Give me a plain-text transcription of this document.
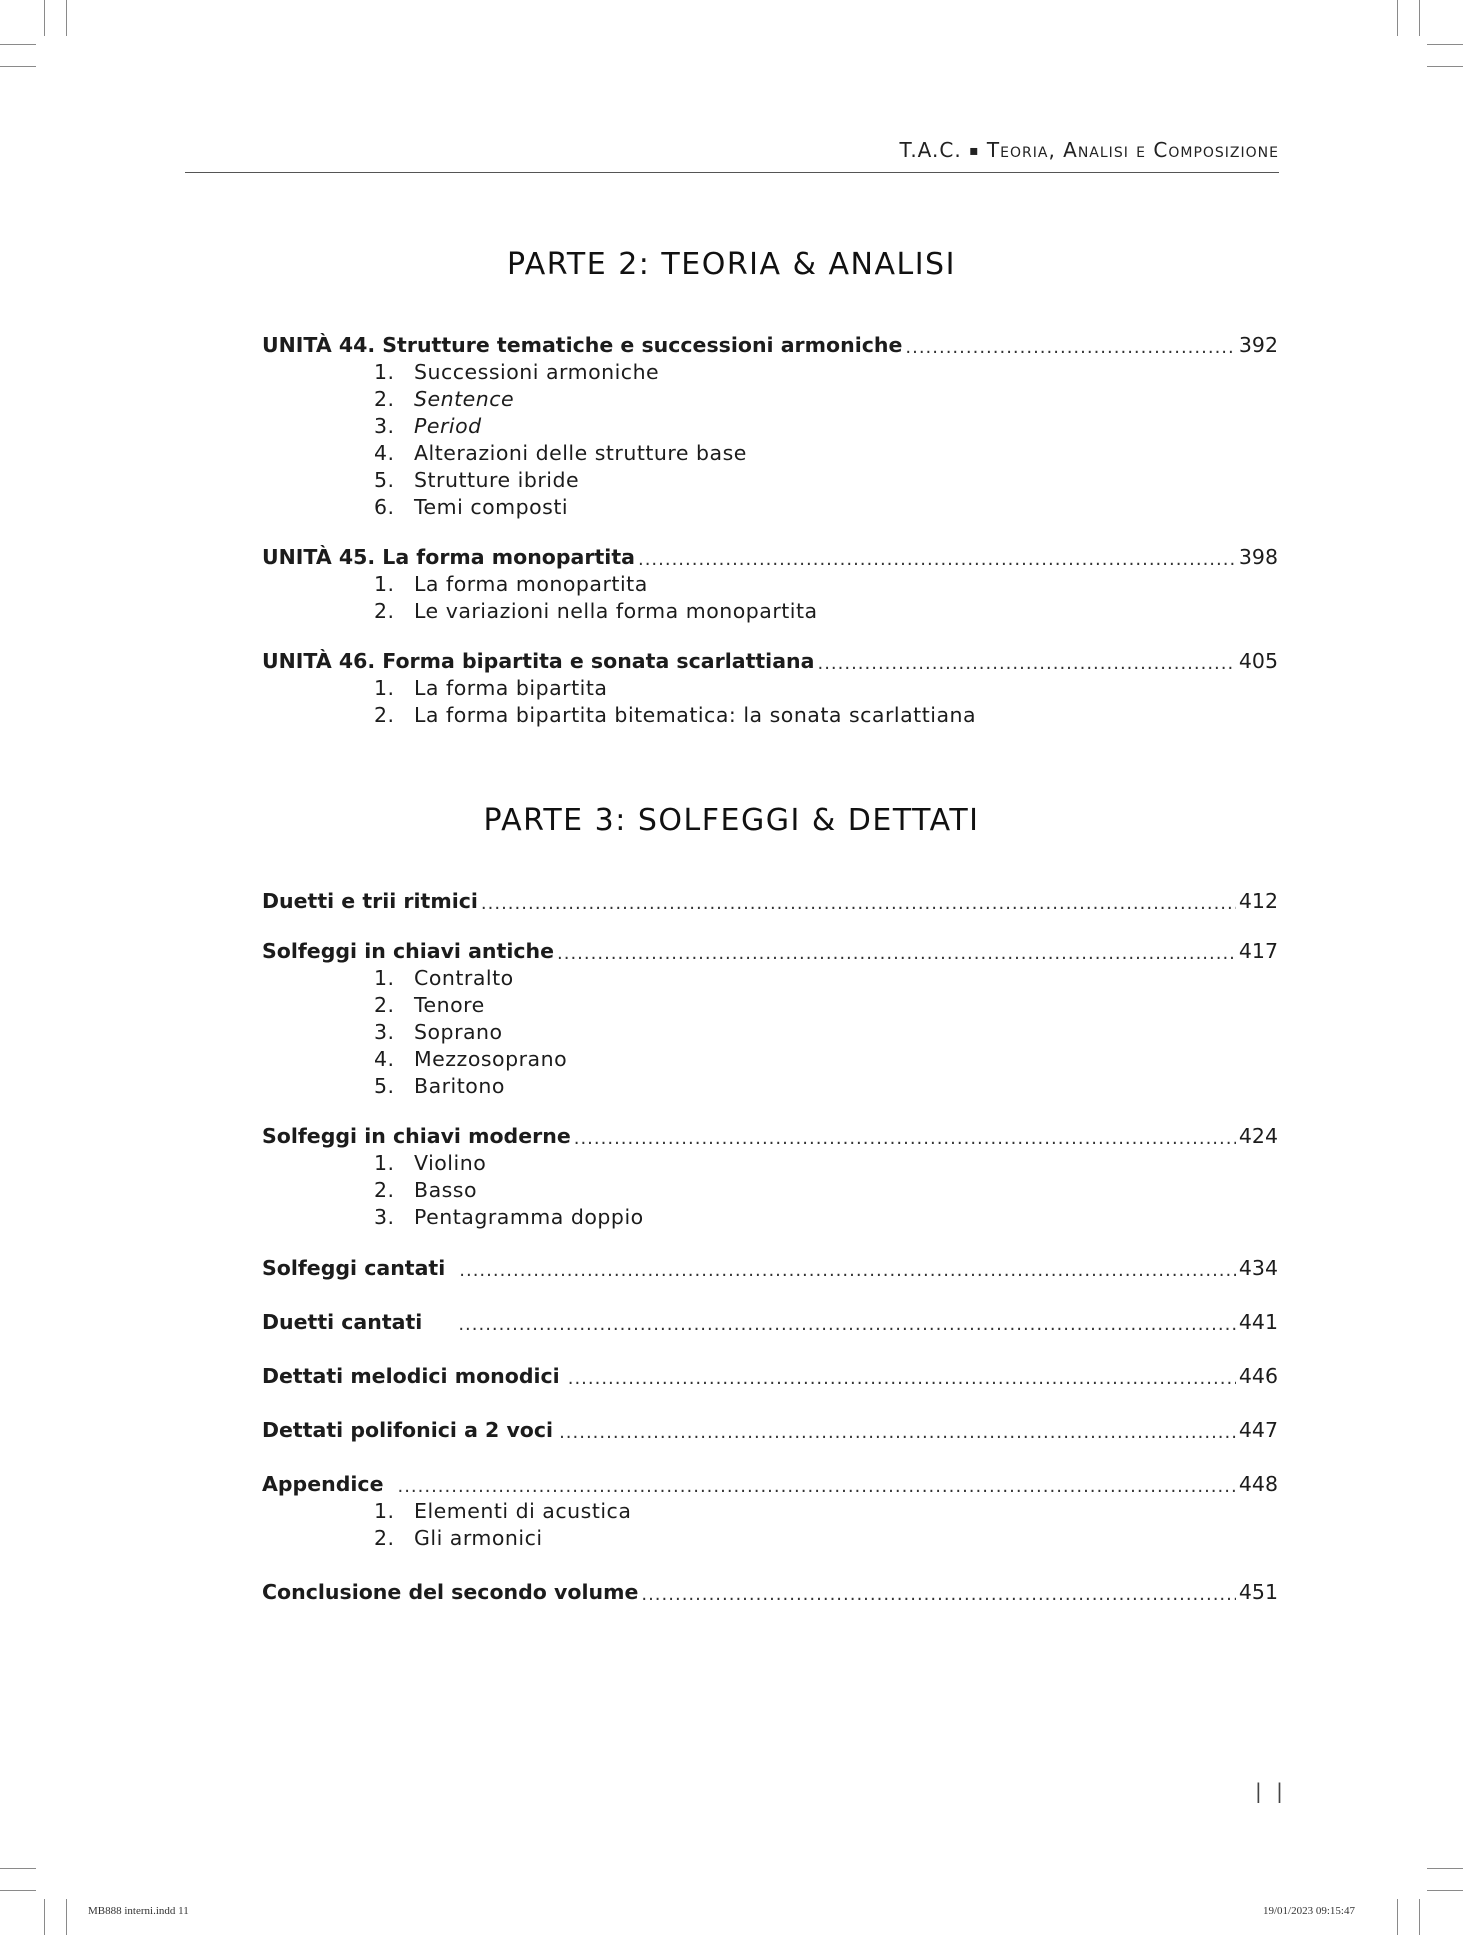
T.A.C. ▪ Teoria, Analisi e Composizione
PARTE 2: TEORIA & ANALISI
PARTE 3: SOLFEGGI & DETTATI
UNITÀ 44. Strutture tematiche e successioni armoniche .....	392
1. Successioni armoniche
2. Sentence
3. Period
4. Alterazioni delle strutture base
5. Strutture ibride
6. Temi composti
UNITÀ 45. La forma monopartita .....	398
1. La forma monopartita
2. Le variazioni nella forma monopartita
UNITÀ 46. Forma bipartita e sonata scarlattiana .....	405
1. La forma bipartita
2. La forma bipartita bitematica: la sonata scarlattiana
Duetti e trii ritmici .....	412
Solfeggi in chiavi antiche .....	417
1. Contralto
2. Tenore
3. Soprano
4. Mezzosoprano
5. Baritono
Solfeggi in chiavi moderne .....	424
1. Violino
2. Basso
3. Pentagramma doppio
Solfeggi cantati .....	434
Duetti cantati .....	441
Dettati melodici monodici .....	446
Dettati polifonici a 2 voci .....	447
Appendice .....	448
1. Elementi di acustica
2. Gli armonici
Conclusione del secondo volume .....	451
| |
MB888 interni.indd 11	19/01/2023 09:15:47
